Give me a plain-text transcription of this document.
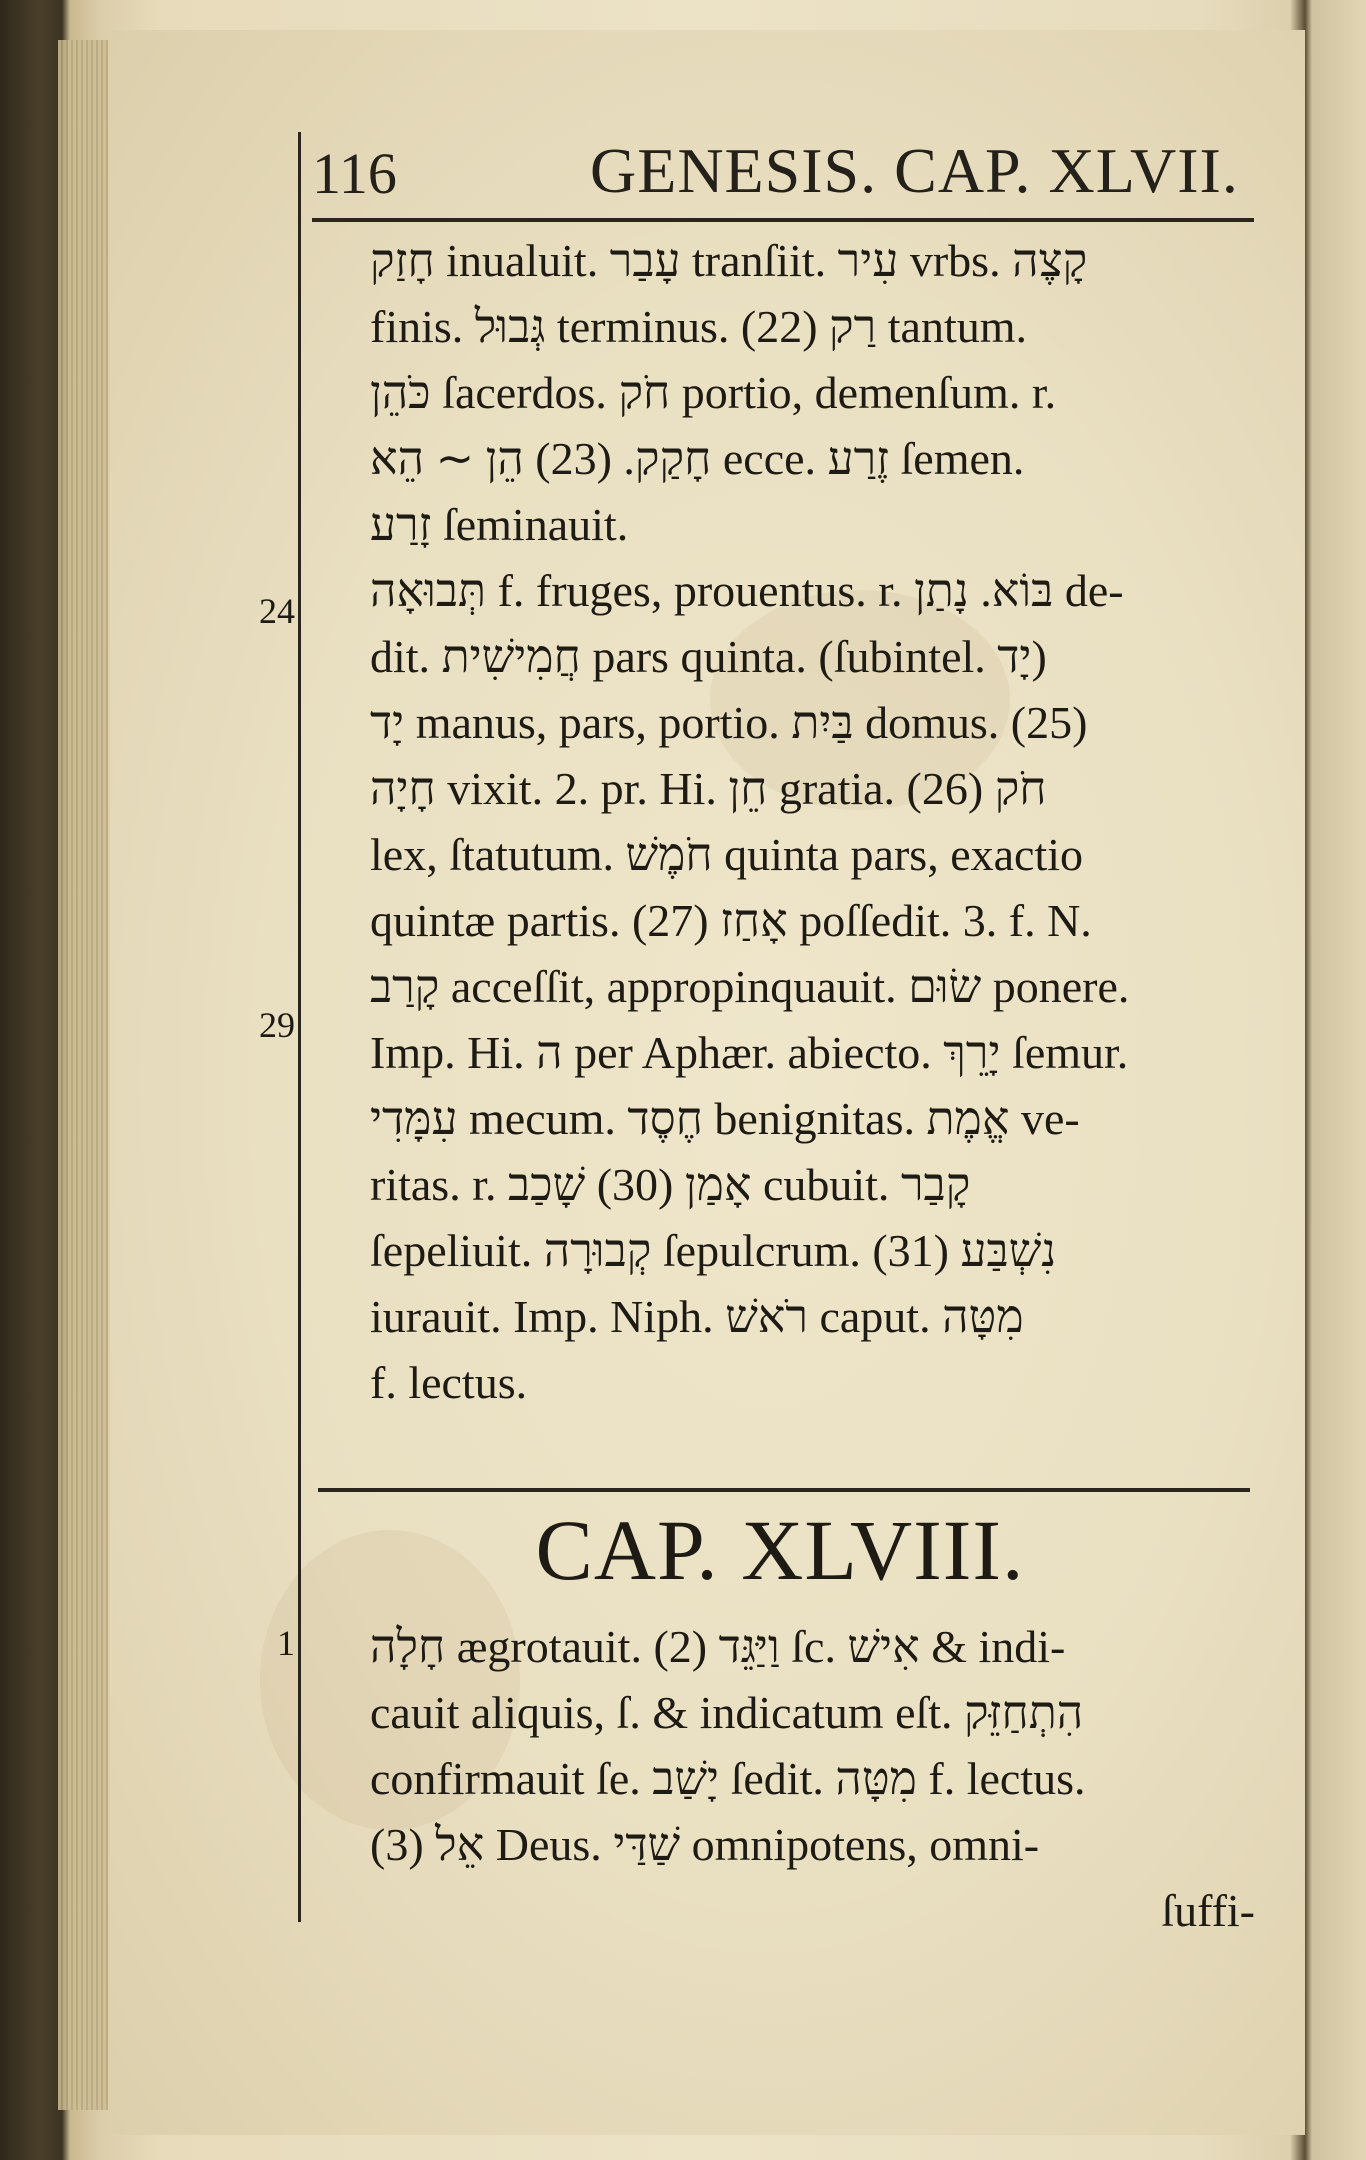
116	GENESIS. CAP. XLVII.
24
29
1
חָזַק inualuit. עָבַר tranſiit. עִיר vrbs. קָצֶה
finis. גְּבוּל terminus. (22) רַק tantum.
כֹּהֵן ſacerdos. חֹק portio, demenſum. r.
חָקַק. (23) הֵן ∽ הֵא ecce. זֶרַע ſemen.
זָרַע ſeminauit.
תְּבוּאָה f. fruges, prouentus. r. בּוֹא. נָתַן de-
dit. חֲמִישִׁית pars quinta. (ſubintel. יָד)
יָד manus, pars, portio. בַּיִת domus. (25)
חָיָה vixit. 2. pr. Hi. חֵן gratia. (26) חֹק
lex, ſtatutum. חֹמֶשׁ quinta pars, exactio
quintæ partis. (27) אָחַז poſſedit. 3. f. N.
קָרַב acceſſit, appropinquauit. שׂוּם ponere.
Imp. Hi. ה per Aphær. abiecto. יָרֵךְ ſemur.
עִמָּדִי mecum. חֶסֶד benignitas. אֱמֶת ve-
ritas. r. אָמַן (30) שָׁכַב cubuit. קָבַר
ſepeliuit. קְבוּרָה ſepulcrum. (31) נִשְׁבַּע
iurauit. Imp. Niph. רֹאשׁ caput. מִטָּה
f. lectus.
CAP. XLVIII.
חָלָה ægrotauit. (2) וַיַּגֵּד ſc. אִישׁ & indi-
cauit aliquis, ſ. & indicatum eſt. הִתְחַזֵּק
confirmauit ſe. יָשַׁב ſedit. מִטָּה f. lectus.
(3) אֵל Deus. שַׁדַּי omnipotens, omni-
ſuffi-
